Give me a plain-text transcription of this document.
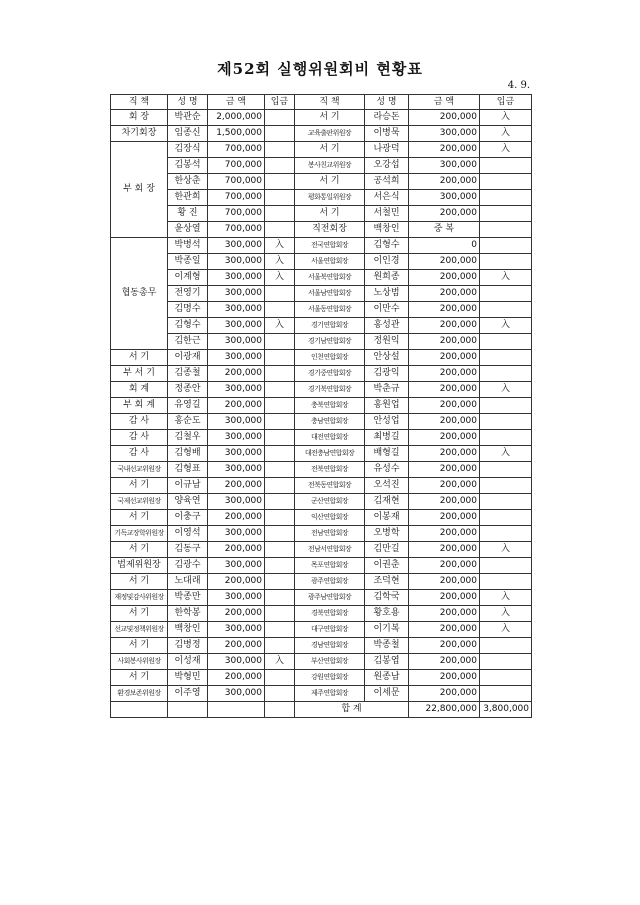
제52회 실행위원회비 현황표
4. 9.
직 책	성 명	금 액	입금	직 책	성 명	금 액	입금
회 장	박관순	2,000,000		서 기	라승돈	200,000	入
차기회장	임종신	1,500,000		교육출판위원장	이병묵	300,000	入
부 회 장	김장식	700,000		서 기	나광덕	200,000	入
	김봉석	700,000		봉사친교위원장	오강섭	300,000	
	한상춘	700,000		서 기	공석희	200,000	
	한관희	700,000		평화통일위원장	서은식	300,000	
	황 진	700,000		서 기	서철민	200,000	
	윤상열	700,000		직전회장	백창인	중 복	
협동총무	박병석	300,000	入	전국연합회장	김형수	0	
	박종일	300,000	入	서울연합회장	이인경	200,000	
	이계형	300,000	入	서울북연합회장	원희종	200,000	入
	전영기	300,000		서울남연합회장	노상범	200,000	
	김명수	300,000		서울동연합회장	이만수	200,000	
	김형수	300,000	入	경기연합회장	홍성관	200,000	入
	김한근	300,000		경기남연합회장	정원익	200,000	
서 기	이광재	300,000		인천연합회장	안상설	200,000	
부 서 기	김종철	200,000		경기중연합회장	김광익	200,000	
회 계	정종안	300,000		경기북연합회장	박춘규	200,000	入
부 회 계	유영길	200,000		충북연합회장	홍원업	200,000	
감 사	홍순도	300,000		충남연합회장	안성업	200,000	
감 사	김철우	300,000		대전연합회장	최병길	200,000	
감 사	김형배	300,000		대전충남연합회장	배형길	200,000	入
국내선교위원장	김형표	300,000		전북연합회장	유성수	200,000	
서 기	이규남	200,000		전북동연합회장	오석진	200,000	
국제선교위원장	양육연	300,000		군산연합회장	김재현	200,000	
서 기	이충구	200,000		익산연합회장	이봉재	200,000	
기독교장학위원장	이영석	300,000		전남연합회장	오병학	200,000	
서 기	김동구	200,000		전남서연합회장	김만길	200,000	入
법제위원장	김광수	300,000		목포연합회장	이권춘	200,000	
서 기	노대래	200,000		광주연합회장	조덕현	200,000	
재정및감사위원장	박종만	300,000		광주남연합회장	김학국	200,000	入
서 기	한학봉	200,000		경북연합회장	황호용	200,000	入
선교및정책위원장	백창인	300,000		대구연합회장	이기복	200,000	入
서 기	김병정	200,000		경남연합회장	박종철	200,000	
사회봉사위원장	이성재	300,000	入	부산연합회장	김봉엽	200,000	
서 기	박형민	200,000		강원연합회장	원종남	200,000	
환경보존위원장	이주영	300,000		제주연합회장	이세문	200,000	
				합 계		22,800,000	3,800,000
